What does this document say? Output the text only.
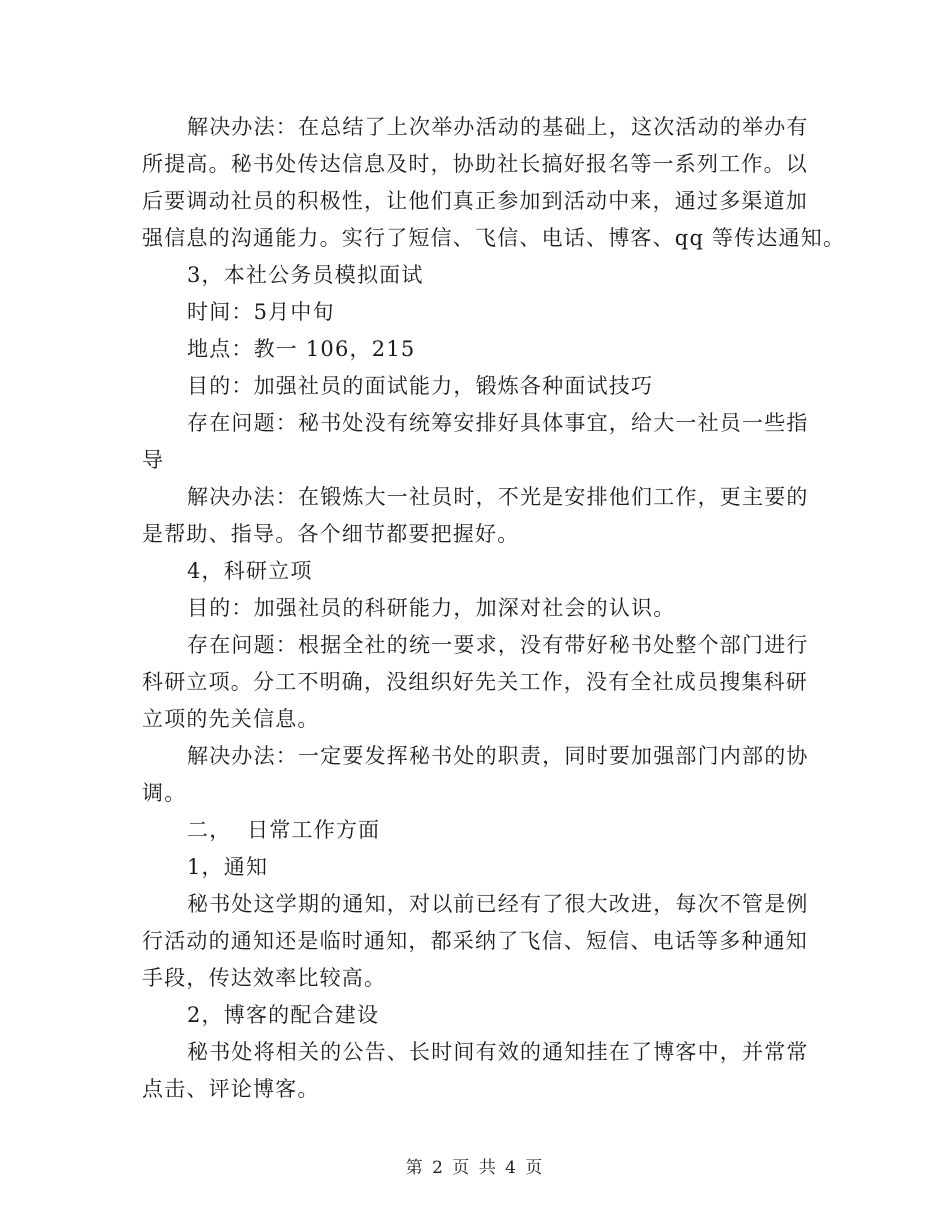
解决办法：在总结了上次举办活动的基础上，这次活动的举办有
所提高。秘书处传达信息及时，协助社长搞好报名等一系列工作。以
后要调动社员的积极性，让他们真正参加到活动中来，通过多渠道加
强信息的沟通能力。实行了短信、飞信、电话、博客、qq 等传达通知。
3，本社公务员模拟面试
时间：5月中旬
地点：教一 106，215
目的：加强社员的面试能力，锻炼各种面试技巧
存在问题：秘书处没有统筹安排好具体事宜，给大一社员一些指
导
解决办法：在锻炼大一社员时，不光是安排他们工作，更主要的
是帮助、指导。各个细节都要把握好。
4，科研立项
目的：加强社员的科研能力，加深对社会的认识。
存在问题：根据全社的统一要求，没有带好秘书处整个部门进行
科研立项。分工不明确，没组织好先关工作，没有全社成员搜集科研
立项的先关信息。
解决办法：一定要发挥秘书处的职责，同时要加强部门内部的协
调。
二，  日常工作方面
1，通知
秘书处这学期的通知，对以前已经有了很大改进，每次不管是例
行活动的通知还是临时通知，都采纳了飞信、短信、电话等多种通知
手段，传达效率比较高。
2，博客的配合建设
秘书处将相关的公告、长时间有效的通知挂在了博客中，并常常
点击、评论博客。
第 2 页 共 4 页
